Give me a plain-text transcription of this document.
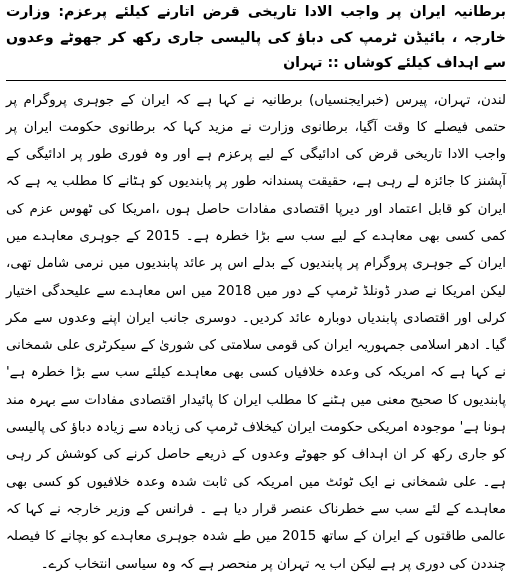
برطانیہ ایران پر واجب الادا تاریخی قرض اتارنے کیلئے پرعزم: وزارت خارجہ ، بائیڈن ٹرمپ کی دباؤ کی پالیسی جاری رکھ کر جھوٹے وعدوں سے اہداف کیلئے کوشاں :: تہران

لندن، تہران، پیرس (خبرایجنسیاں) برطانیہ نے کہا ہے کہ ایران کے جوہری پروگرام پر حتمی فیصلے کا وقت آگیا، برطانوی وزارت نے مزید کہا کہ برطانوی حکومت ایران پر واجب الادا تاریخی قرض کی ادائیگی کے لیے پرعزم ہے اور وہ فوری طور پر ادائیگی کے آپشنز کا جائزہ لے رہی ہے، حقیقت پسندانہ طور پر پابندیوں کو ہٹانے کا مطلب یہ ہے کہ ایران کو قابل اعتماد اور دیرپا اقتصادی مفادات حاصل ہوں ،امریکا کی ٹھوس عزم کی کمی کسی بھی معاہدے کے لیے سب سے بڑا خطرہ ہے۔ 2015 کے جوہری معاہدے میں ایران کے جوہری پروگرام پر پابندیوں کے بدلے اس پر عائد پابندیوں میں نرمی شامل تھی، لیکن امریکا نے صدر ڈونلڈ ٹرمپ کے دور میں 2018 میں اس معاہدے سے علیحدگی اختیار کرلی اور اقتصادی پابندیاں دوبارہ عائد کردیں۔ دوسری جانب ایران اپنے وعدوں سے مکر گیا۔ ادھر اسلامی جمہوریہ ایران کی قومی سلامتی کی شوریٰ کے سیکرٹری علی شمخانی نے کہا ہے کہ امریکہ کی وعدہ خلافیاں کسی بھی معاہدے کیلئے سب سے بڑا خطرہ ہے' پابندیوں کا صحیح معنی میں ہٹنے کا مطلب ایران کا پائیدار اقتصادی مفادات سے بہرہ مند ہونا ہے' موجودہ امریکی حکومت ایران کیخلاف ٹرمپ کی زیادہ سے زیادہ دباؤ کی پالیسی کو جاری رکھ کر ان اہداف کو جھوٹے وعدوں کے ذریعے حاصل کرنے کی کوشش کر رہی ہے۔ علی شمخانی نے ایک ٹوئٹ میں امریکہ کی ثابت شدہ وعدہ خلافیوں کو کسی بھی معاہدے کے لئے سب سے خطرناک عنصر قرار دیا ہے ۔ فرانس کے وزیر خارجہ نے کہا کہ عالمی طاقتوں کے ایران کے ساتھ 2015 میں طے شدہ جوہری معاہدے کو بچانے کا فیصلہ چنددن کی دوری پر ہے لیکن اب یہ تہران پر منحصر ہے کہ وہ سیاسی انتخاب کرے۔
